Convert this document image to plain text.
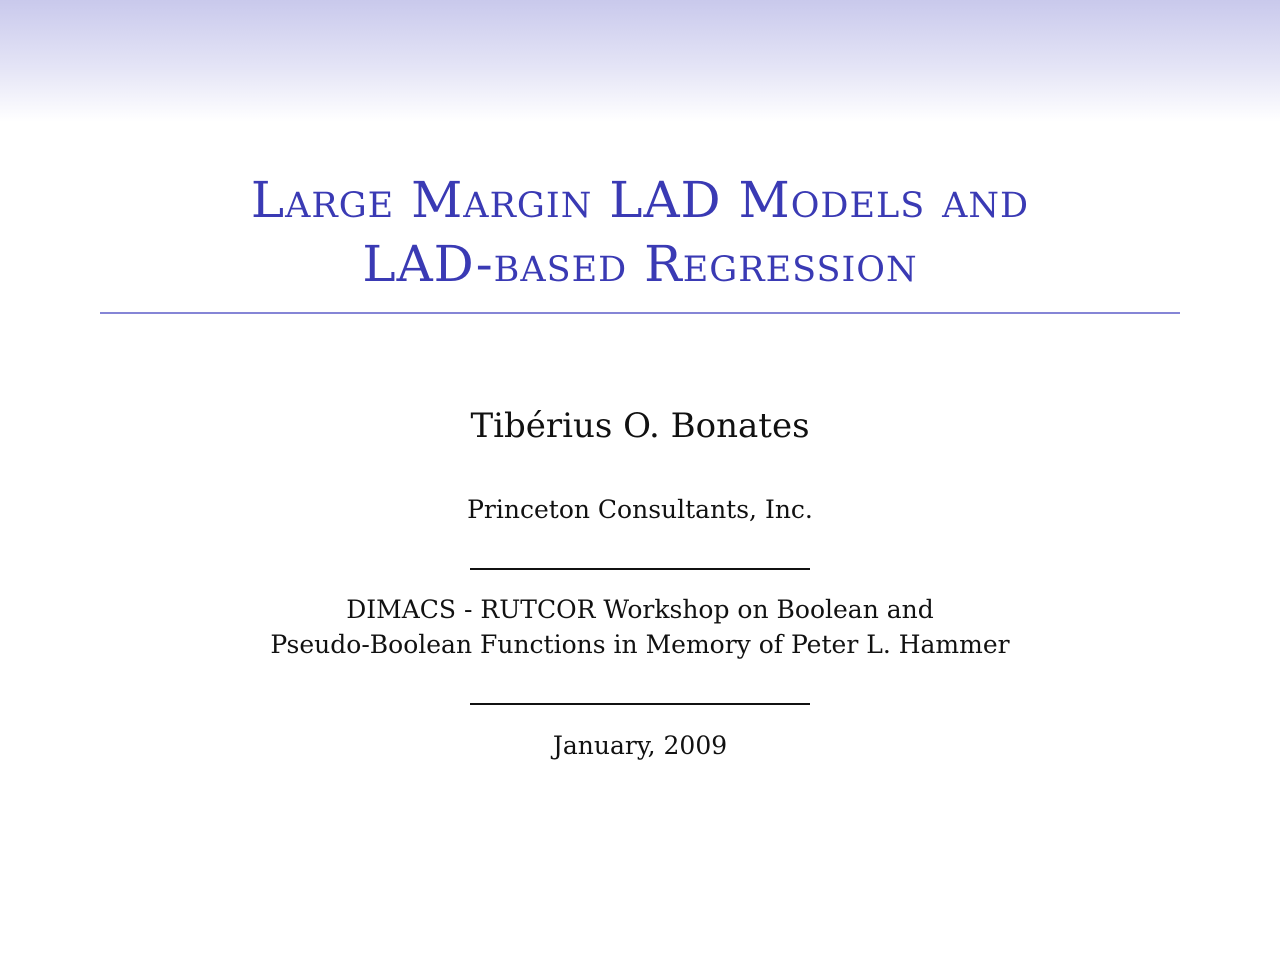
Large Margin LAD Models and
LAD-based Regression
Tibérius O. Bonates
Princeton Consultants, Inc.
DIMACS - RUTCOR Workshop on Boolean and
Pseudo-Boolean Functions in Memory of Peter L. Hammer
January, 2009
